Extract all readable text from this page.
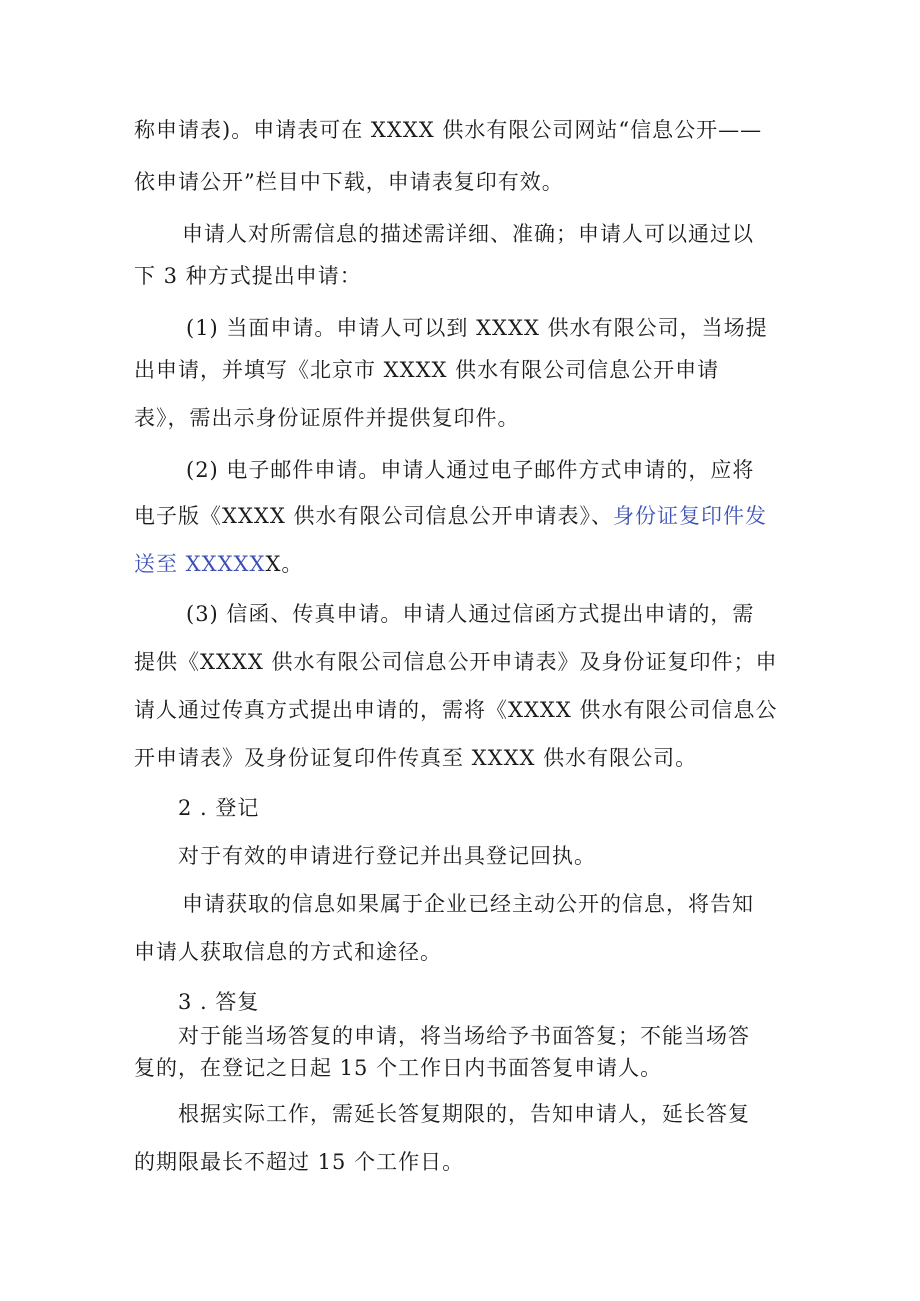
称申请表)。申请表可在 XXXX 供水有限公司网站“信息公开——
依申请公开”栏目中下载，申请表复印有效。
申请人对所需信息的描述需详细、准确；申请人可以通过以
下 3 种方式提出申请：
(1) 当面申请。申请人可以到 XXXX 供水有限公司，当场提
出申请，并填写《北京市 XXXX 供水有限公司信息公开申请
表》，需出示身份证原件并提供复印件。
(2) 电子邮件申请。申请人通过电子邮件方式申请的，应将
电子版《XXXX 供水有限公司信息公开申请表》、身份证复印件发
送至 XXXXXX。
(3) 信函、传真申请。申请人通过信函方式提出申请的，需
提供《XXXX 供水有限公司信息公开申请表》及身份证复印件；申
请人通过传真方式提出申请的，需将《XXXX 供水有限公司信息公
开申请表》及身份证复印件传真至 XXXX 供水有限公司。
2 . 登记
对于有效的申请进行登记并出具登记回执。
申请获取的信息如果属于企业已经主动公开的信息，将告知
申请人获取信息的方式和途径。
3 . 答复
对于能当场答复的申请，将当场给予书面答复；不能当场答
复的，在登记之日起 15 个工作日内书面答复申请人。
根据实际工作，需延长答复期限的，告知申请人，延长答复
的期限最长不超过 15 个工作日。
